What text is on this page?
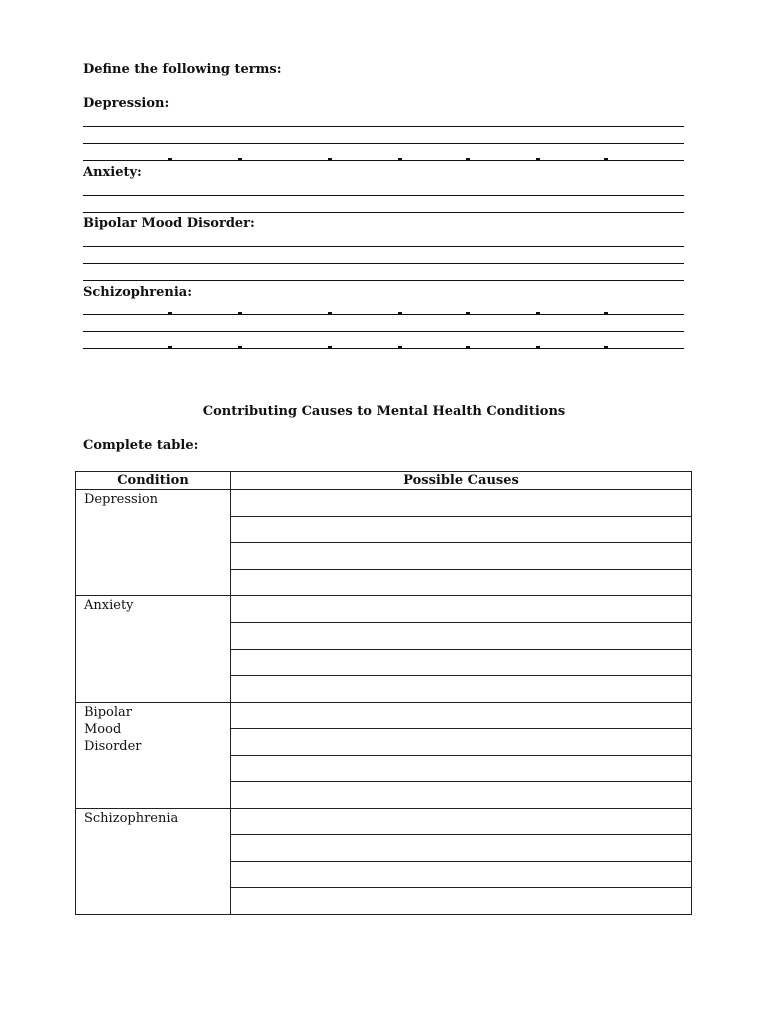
Define the following terms:
Depression:
Anxiety:
Bipolar Mood Disorder:
Schizophrenia:
Contributing Causes to Mental Health Conditions
Complete table:
Condition	Possible Causes
Depression	

Anxiety	

Bipolar Mood Disorder	

Schizophrenia	
